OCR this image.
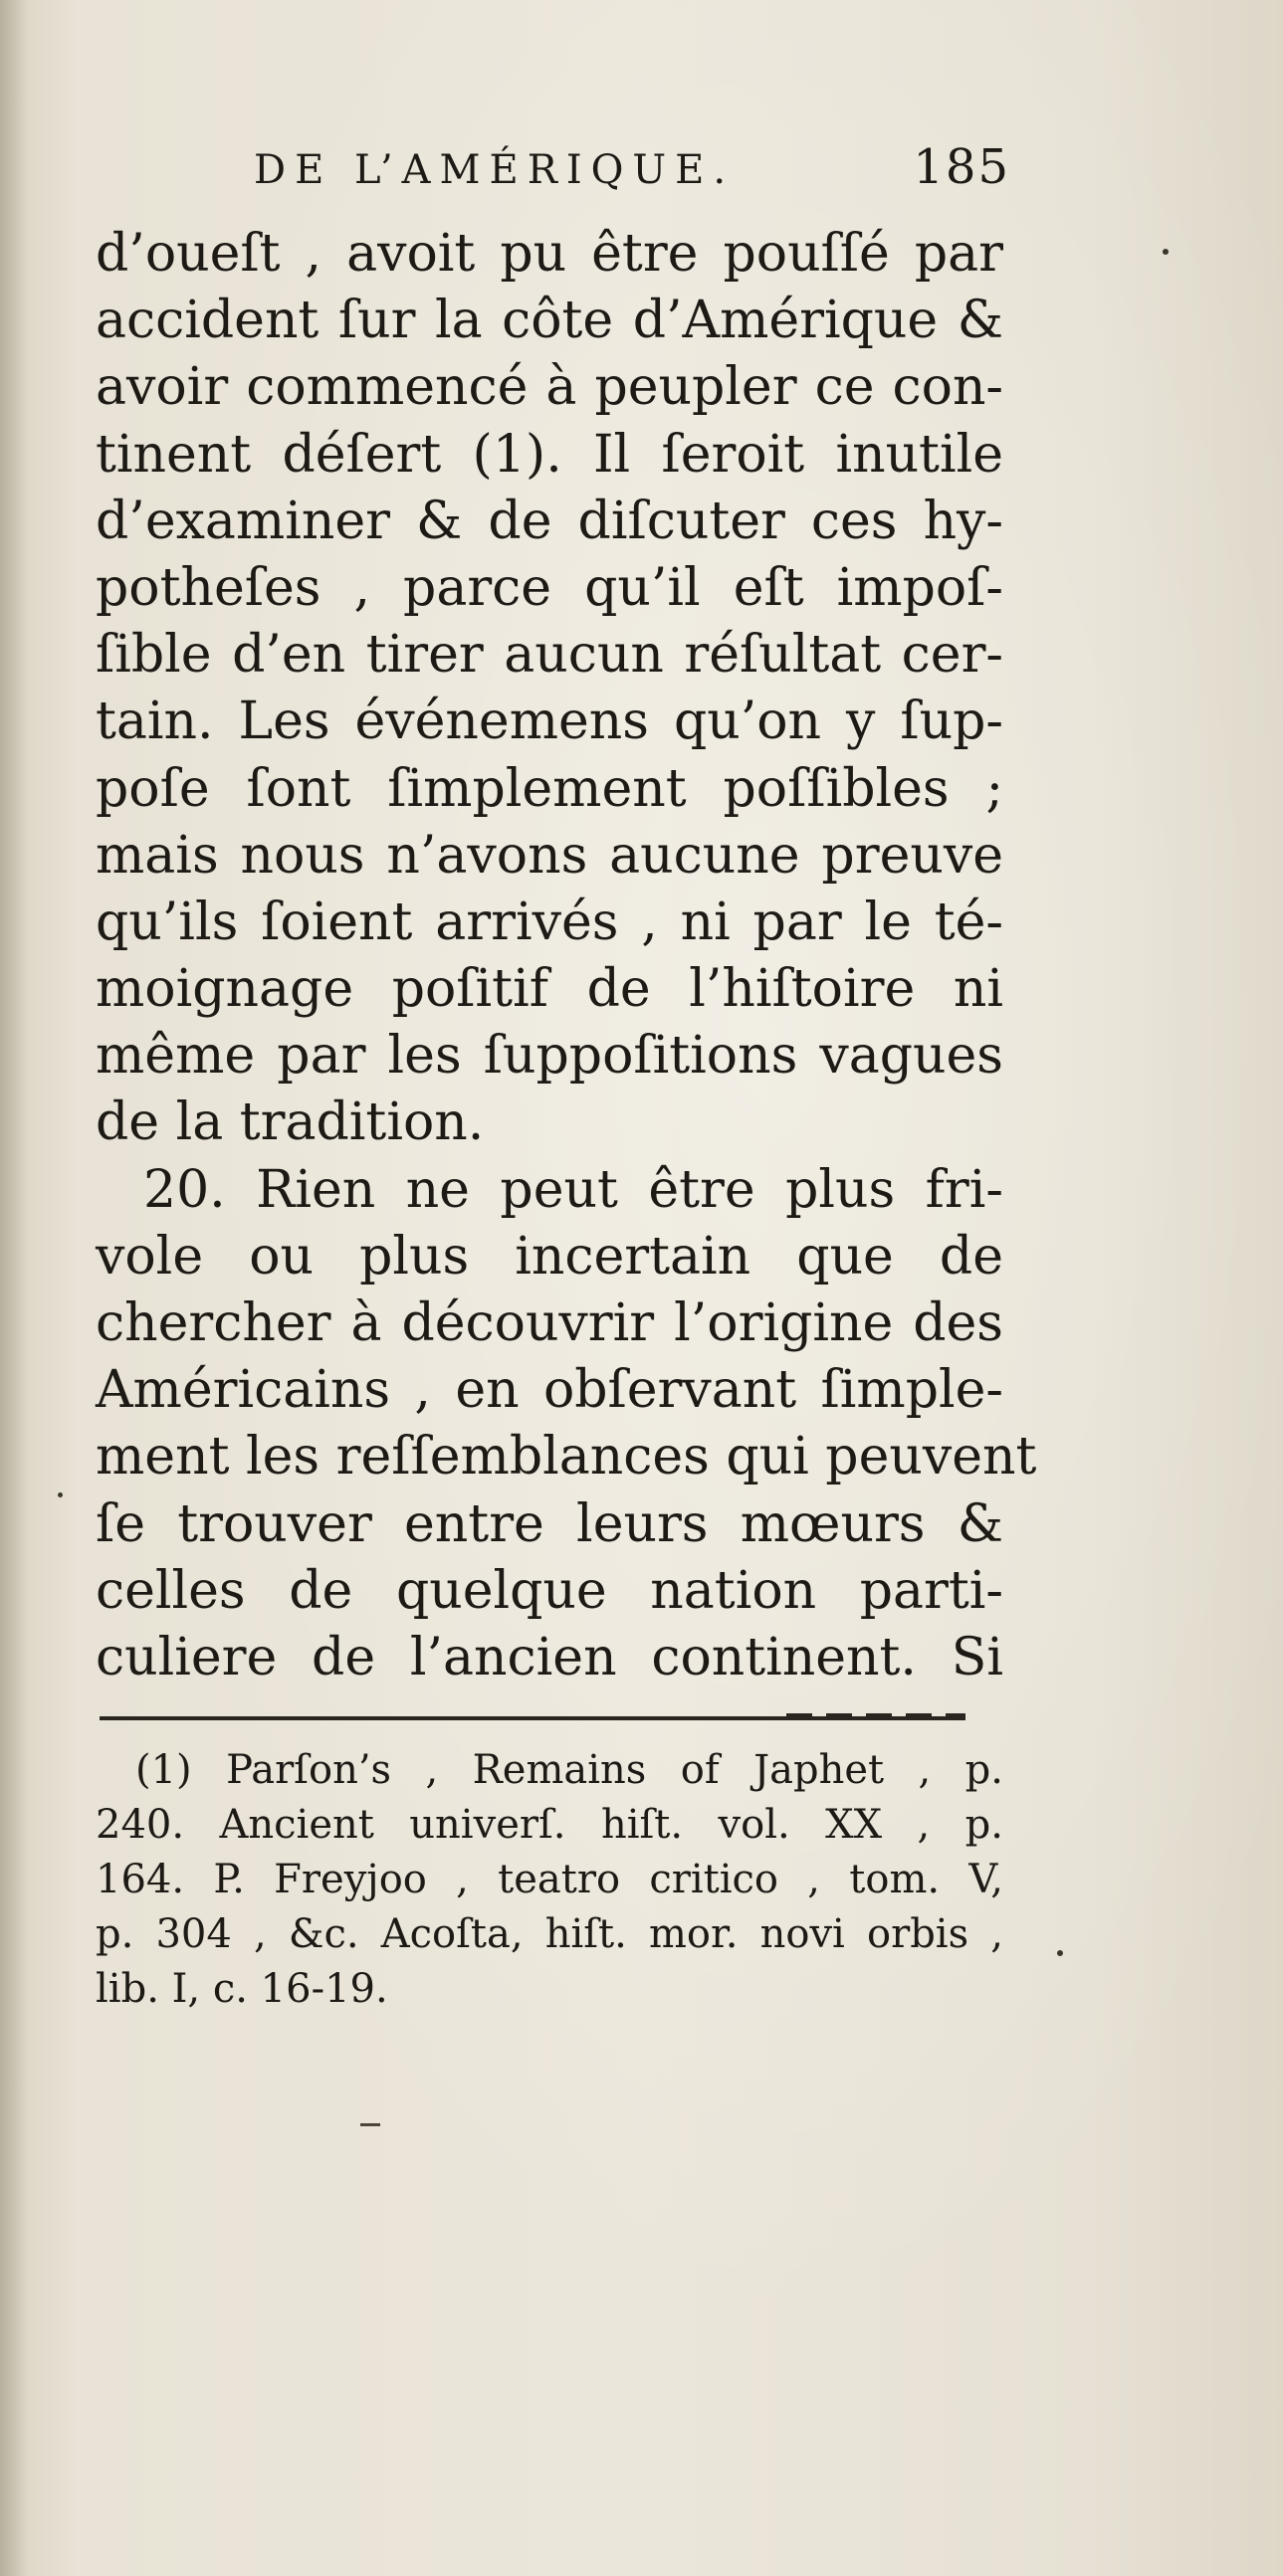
DE L’AMÉRIQUE.	185
d’oueſt , avoit pu être pouſſé par
accident ſur la côte d’Amérique &
avoir commencé à peupler ce con-
tinent déſert (1). Il ſeroit inutile
d’examiner & de diſcuter ces hy-
potheſes , parce qu’il eſt impoſ-
ſible d’en tirer aucun réſultat cer-
tain. Les événemens qu’on y ſup-
poſe ſont ſimplement poſſibles ;
mais nous n’avons aucune preuve
qu’ils ſoient arrivés , ni par le té-
moignage poſitif de l’hiſtoire ni
même par les ſuppoſitions vagues
de la tradition.
20. Rien ne peut être plus fri-
vole ou plus incertain que de
chercher à découvrir l’origine des
Américains , en obſervant ſimple-
ment les reſſemblances qui peuvent
ſe trouver entre leurs mœurs &
celles de quelque nation parti-
culiere de l’ancien continent. Si
(1) Parſon’s , Remains of Japhet , p.
240. Ancient univerſ. hiſt. vol. XX , p.
164. P. Freyjoo , teatro critico , tom. V,
p. 304 , &c. Acoſta, hiſt. mor. novi orbis ,
lib. I, c. 16-19.
